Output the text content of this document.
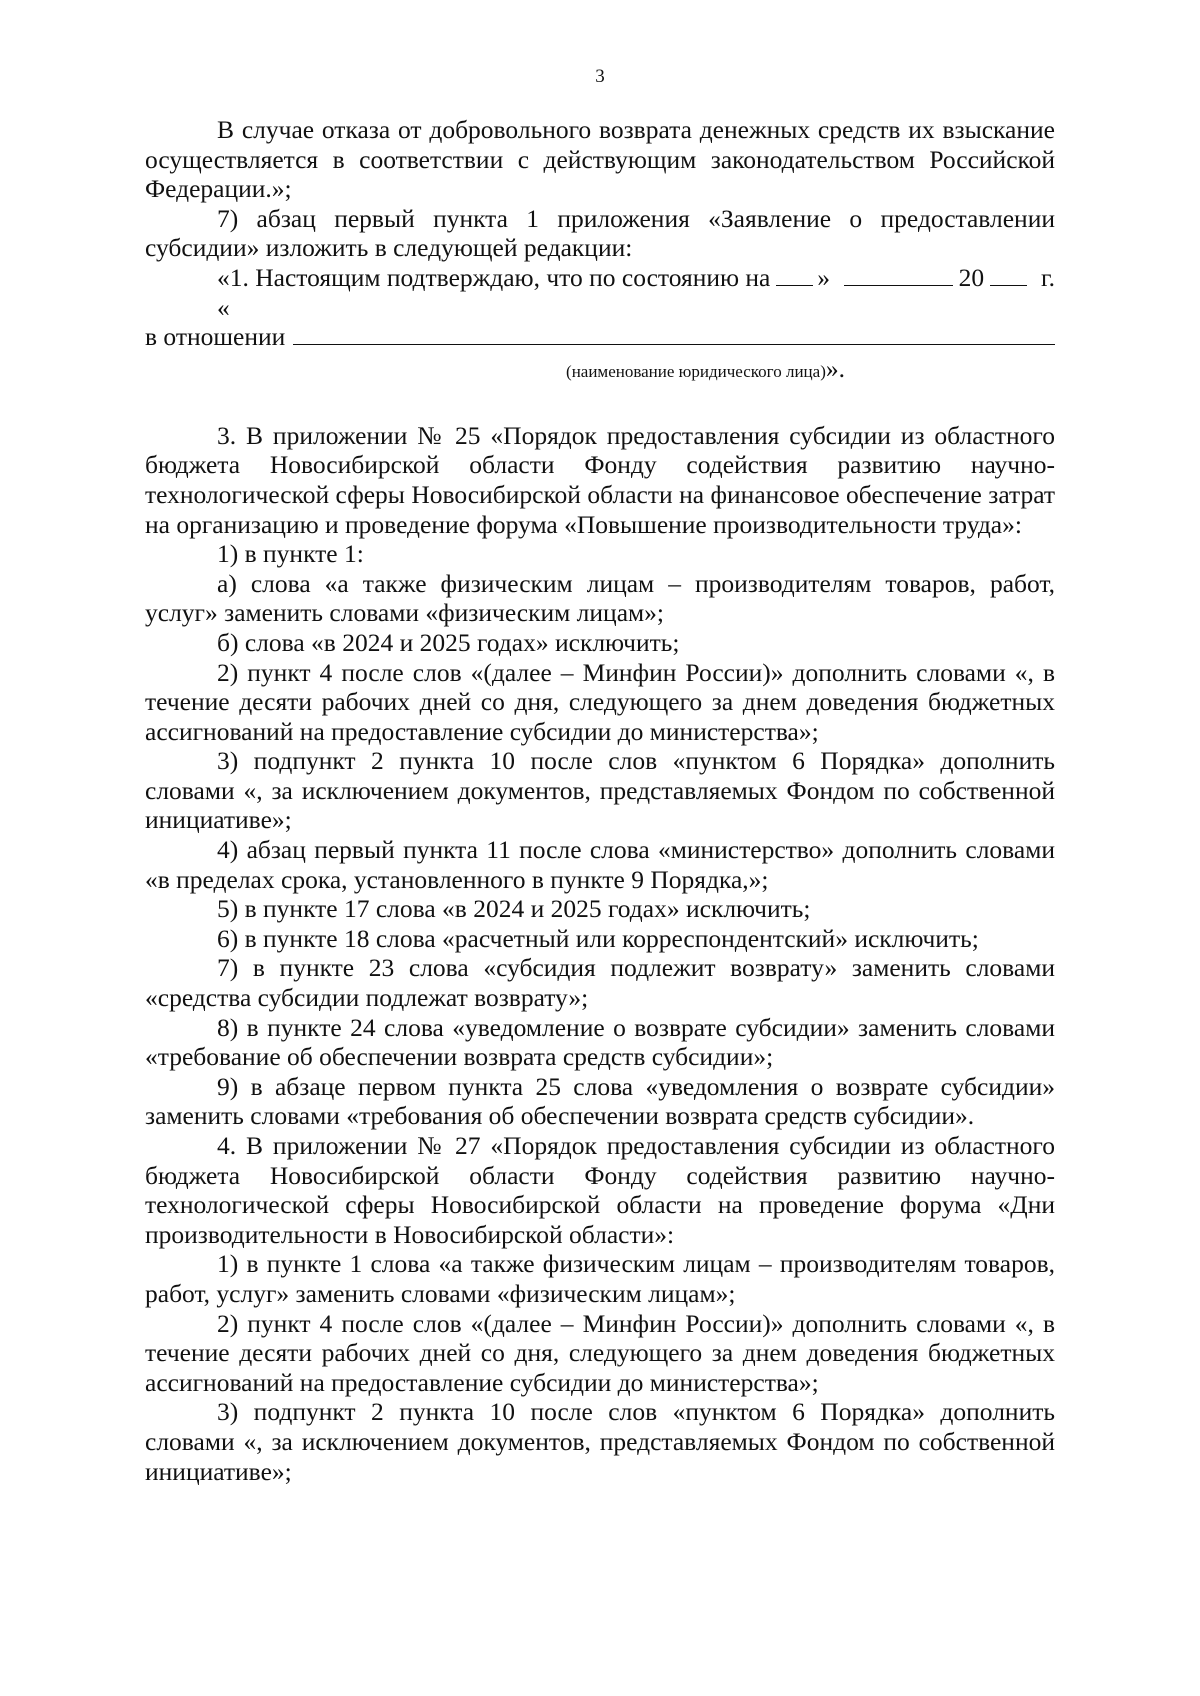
3

В случае отказа от добровольного возврата денежных средств их взыскание осуществляется в соответствии с действующим законодательством Российской Федерации.»;

7) абзац первый пункта 1 приложения «Заявление о предоставлении субсидии» изложить в следующей редакции:

«1. Настоящим подтверждаю, что по состоянию на «
»	20 г.
в отношении
(наименование юридического лица)».

3. В приложении № 25 «Порядок предоставления субсидии из областного бюджета Новосибирской области Фонду содействия развитию научно-технологической сферы Новосибирской области на финансовое обеспечение затрат на организацию и проведение форума «Повышение производительности труда»:

1) в пункте 1:

а) слова «а также физическим лицам – производителям товаров, работ, услуг» заменить словами «физическим лицам»;

б) слова «в 2024 и 2025 годах» исключить;

2) пункт 4 после слов «(далее – Минфин России)» дополнить словами «, в течение десяти рабочих дней со дня, следующего за днем доведения бюджетных ассигнований на предоставление субсидии до министерства»;

3) подпункт 2 пункта 10 после слов «пунктом 6 Порядка» дополнить словами «, за исключением документов, представляемых Фондом по собственной инициативе»;

4) абзац первый пункта 11 после слова «министерство» дополнить словами «в пределах срока, установленного в пункте 9 Порядка,»;

5) в пункте 17 слова «в 2024 и 2025 годах» исключить;

6) в пункте 18 слова «расчетный или корреспондентский» исключить;

7) в пункте 23 слова «субсидия подлежит возврату» заменить словами «средства субсидии подлежат возврату»;

8) в пункте 24 слова «уведомление о возврате субсидии» заменить словами «требование об обеспечении возврата средств субсидии»;

9) в абзаце первом пункта 25 слова «уведомления о возврате субсидии» заменить словами «требования об обеспечении возврата средств субсидии».

4. В приложении № 27 «Порядок предоставления субсидии из областного бюджета Новосибирской области Фонду содействия развитию научно-технологической сферы Новосибирской области на проведение форума «Дни производительности в Новосибирской области»:

1) в пункте 1 слова «а также физическим лицам – производителям товаров, работ, услуг» заменить словами «физическим лицам»;

2) пункт 4 после слов «(далее – Минфин России)» дополнить словами «, в течение десяти рабочих дней со дня, следующего за днем доведения бюджетных ассигнований на предоставление субсидии до министерства»;

3) подпункт 2 пункта 10 после слов «пунктом 6 Порядка» дополнить словами «, за исключением документов, представляемых Фондом по собственной инициативе»;
